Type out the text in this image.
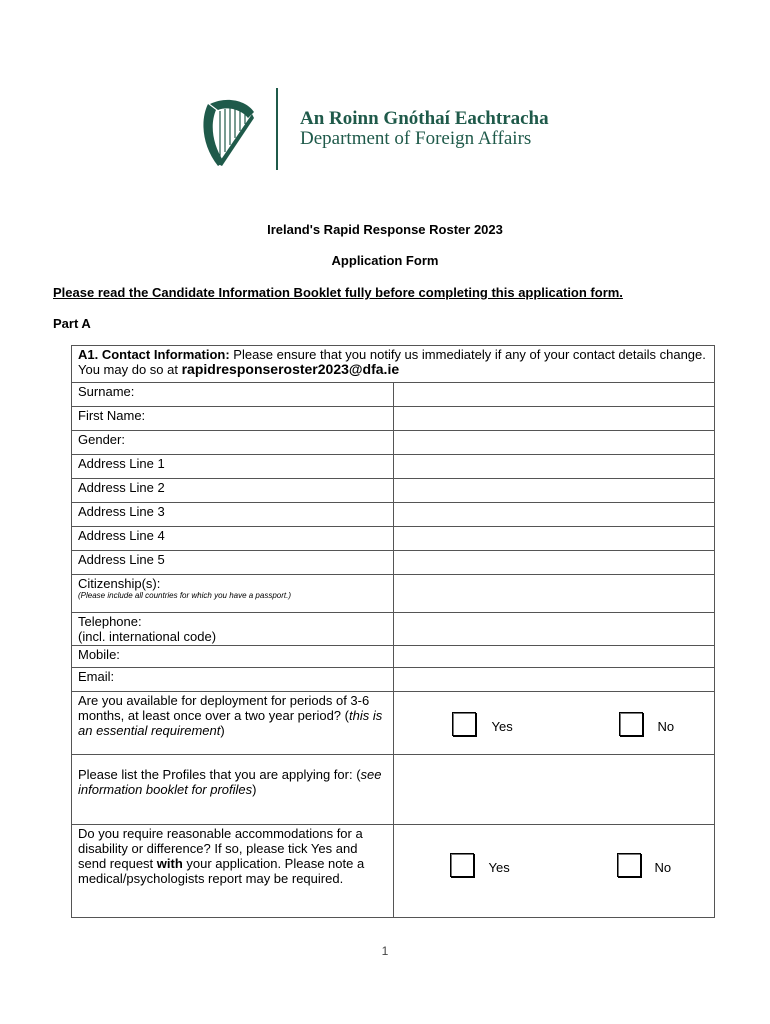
An Roinn Gnóthaí Eachtracha
Department of Foreign Affairs
Ireland's Rapid Response Roster 2023
Application Form
Please read the Candidate Information Booklet fully before completing this application form.
Part A
A1. Contact Information: Please ensure that you notify us immediately if any of your contact details change. You may do so at rapidresponseroster2023@dfa.ie	
Surname:	
First Name:	
Gender:	
Address Line 1	
Address Line 2	
Address Line 3	
Address Line 4	
Address Line 5	
Citizenship(s):
(Please include all countries for which you have a passport.)	

Telephone:
(incl. international code)	
Mobile:	
Email:	
Are you available for deployment for periods of 3-6 months, at least once over a two year period? (this is an essential requirement)	Yes No

Please list the Profiles that you are applying for: (see information booklet for profiles)	
Do you require reasonable accommodations for a disability or difference? If so, please tick Yes and send request with your application. Please note a medical/psychologists report may be required.	Yes No
1
